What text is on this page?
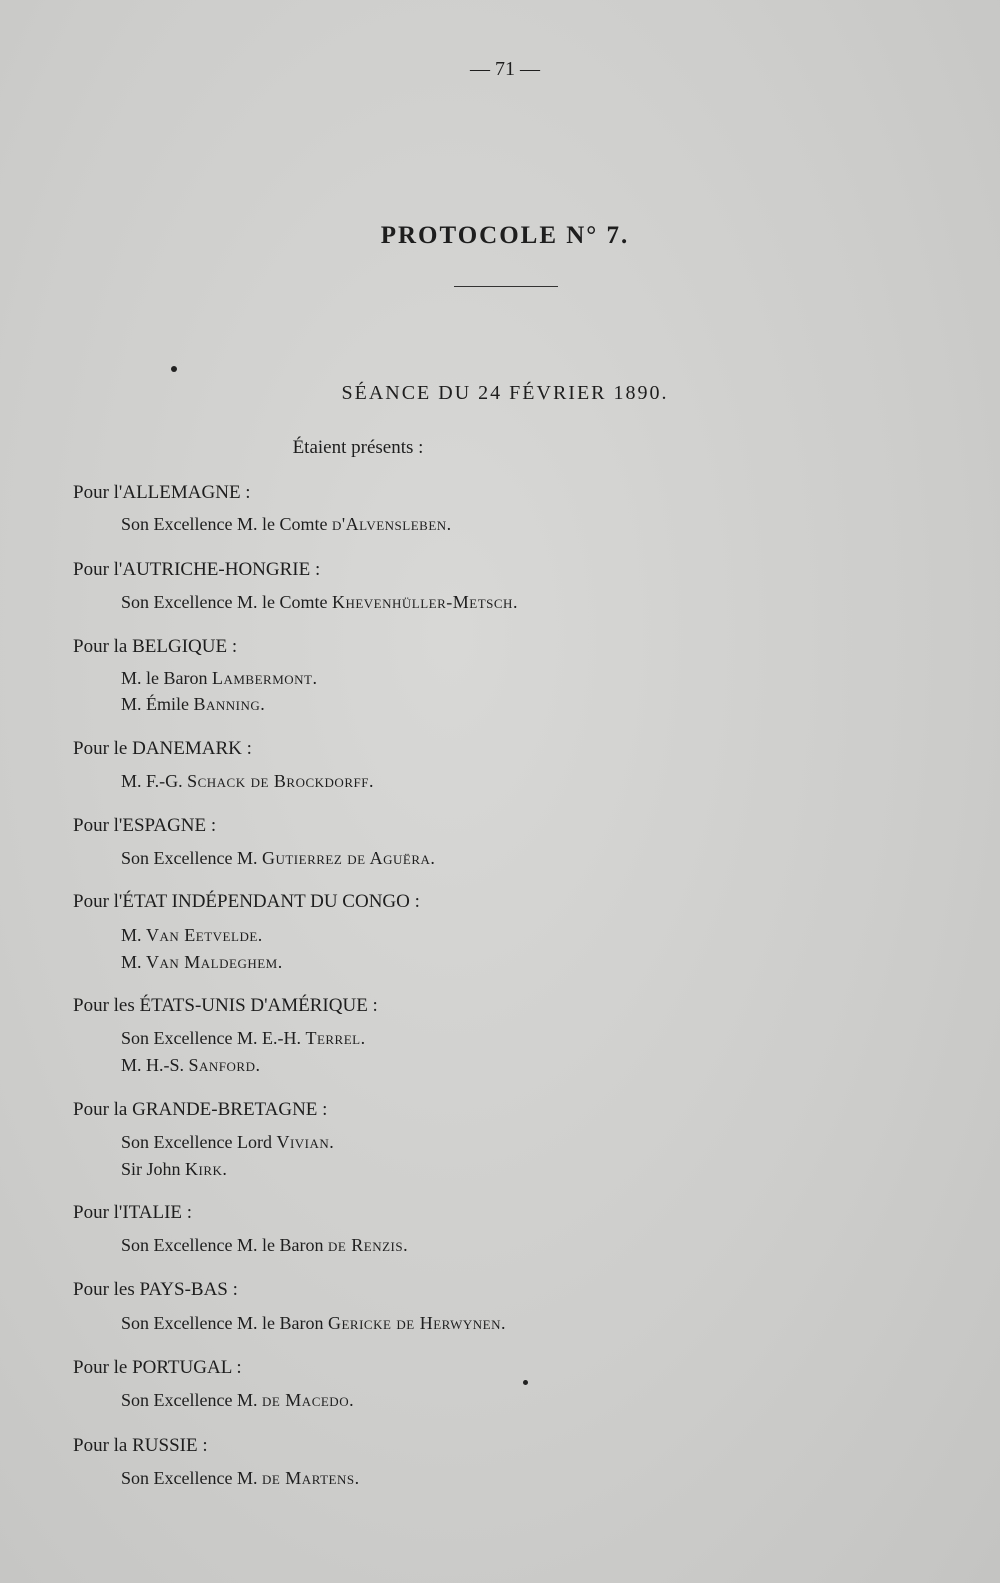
— 71 —
PROTOCOLE N° 7.
SÉANCE DU 24 FÉVRIER 1890.
Étaient présents :
Pour l'ALLEMAGNE :
Son Excellence M. le Comte d'Alvensleben.
Pour l'AUTRICHE-HONGRIE :
Son Excellence M. le Comte Khevenhüller-Metsch.
Pour la BELGIQUE :
M. le Baron Lambermont.
M. Émile Banning.
Pour le DANEMARK :
M. F.-G. Schack de Brockdorff.
Pour l'ESPAGNE :
Son Excellence M. Gutierrez de Aguëra.
Pour l'ÉTAT INDÉPENDANT DU CONGO :
M. Van Eetvelde.
M. Van Maldeghem.
Pour les ÉTATS-UNIS D'AMÉRIQUE :
Son Excellence M. E.-H. Terrel.
M. H.-S. Sanford.
Pour la GRANDE-BRETAGNE :
Son Excellence Lord Vivian.
Sir John Kirk.
Pour l'ITALIE :
Son Excellence M. le Baron de Renzis.
Pour les PAYS-BAS :
Son Excellence M. le Baron Gericke de Herwynen.
Pour le PORTUGAL :
Son Excellence M. de Macedo.
Pour la RUSSIE :
Son Excellence M. de Martens.
